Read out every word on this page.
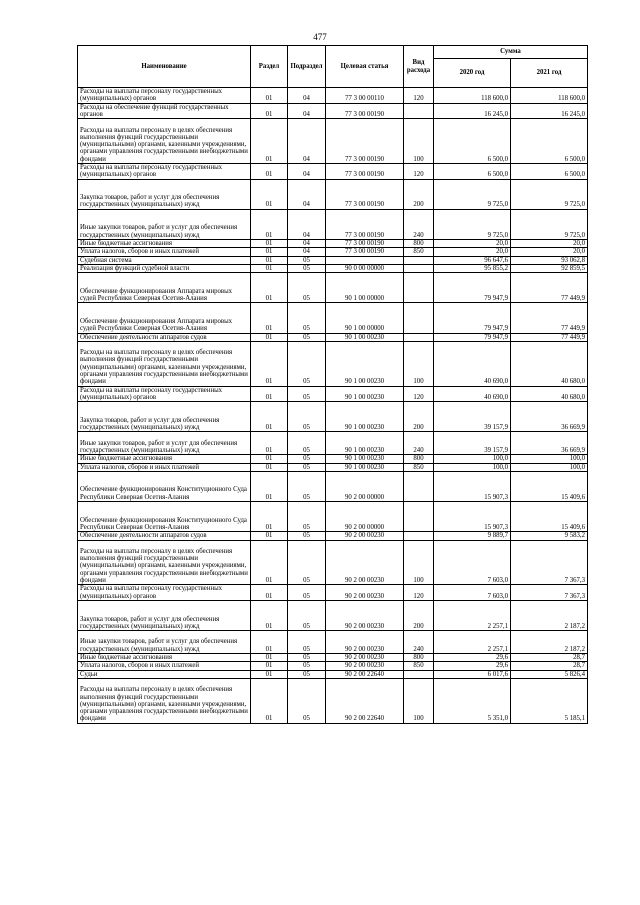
477
Наименование	Раздел	Подраздел	Целевая статья	Вид расхода	Сумма	
					2020 год	2021 год
Расходы на выплаты персоналу государственных (муниципальных) органов	01	04	77 3 00 00110	120	118 600,0	118 600,0
Расходы на обеспечение функций государственных органов	01	04	77 3 00 00190		16 245,0	16 245,0
Расходы на выплаты персоналу в целях обеспечения выполнения функций государственными (муниципальными) органами, казенными учреждениями, органами управления государственными внебюджетными фондами	01	04	77 3 00 00190	100	6 500,0	6 500,0
Расходы на выплаты персоналу государственных (муниципальных) органов	01	04	77 3 00 00190	120	6 500,0	6 500,0
Закупка товаров, работ и услуг для обеспечения государственных (муниципальных) нужд	01	04	77 3 00 00190	200	9 725,0	9 725,0
Иные закупки товаров, работ и услуг для обеспечения государственных (муниципальных) нужд	01	04	77 3 00 00190	240	9 725,0	9 725,0
Иные бюджетные ассигнования	01	04	77 3 00 00190	800	20,0	20,0
Уплата налогов, сборов и иных платежей	01	04	77 3 00 00190	850	20,0	20,0
Судебная система	01	05			96 647,6	93 062,8
Реализация функций судебной власти	01	05	90 0 00 00000		95 855,2	92 859,5
Обеспечение функционирования Аппарата мировых судей Республики Северная Осетия-Алания	01	05	90 1 00 00000		79 947,9	77 449,9
Обеспечение функционирования Аппарата мировых судей Республики Северная Осетия-Алания	01	05	90 1 00 00000		79 947,9	77 449,9
Обеспечение деятельности аппаратов судов	01	05	90 1 00 00230		79 947,9	77 449,9
Расходы на выплаты персоналу в целях обеспечения выполнения функций государственными (муниципальными) органами, казенными учреждениями, органами управления государственными внебюджетными фондами	01	05	90 1 00 00230	100	40 690,0	40 680,0
Расходы на выплаты персоналу государственных (муниципальных) органов	01	05	90 1 00 00230	120	40 690,0	40 680,0
Закупка товаров, работ и услуг для обеспечения государственных (муниципальных) нужд	01	05	90 1 00 00230	200	39 157,9	36 669,9
Иные закупки товаров, работ и услуг для обеспечения государственных (муниципальных) нужд	01	05	90 1 00 00230	240	39 157,9	36 669,9
Иные бюджетные ассигнования	01	05	90 1 00 00230	800	100,0	100,0
Уплата налогов, сборов и иных платежей	01	05	90 1 00 00230	850	100,0	100,0
Обеспечение функционирования Конституционного Суда Республики Северная Осетия-Алания	01	05	90 2 00 00000		15 907,3	15 409,6
Обеспечение функционирования Конституционного Суда Республики Северная Осетия-Алания	01	05	90 2 00 00000		15 907,3	15 409,6
Обеспечение деятельности аппаратов судов	01	05	90 2 00 00230		9 889,7	9 583,2
Расходы на выплаты персоналу в целях обеспечения выполнения функций государственными (муниципальными) органами, казенными учреждениями, органами управления государственными внебюджетными фондами	01	05	90 2 00 00230	100	7 603,0	7 367,3
Расходы на выплаты персоналу государственных (муниципальных) органов	01	05	90 2 00 00230	120	7 603,0	7 367,3
Закупка товаров, работ и услуг для обеспечения государственных (муниципальных) нужд	01	05	90 2 00 00230	200	2 257,1	2 187,2
Иные закупки товаров, работ и услуг для обеспечения государственных (муниципальных) нужд	01	05	90 2 00 00230	240	2 257,1	2 187,2
Иные бюджетные ассигнования	01	05	90 2 00 00230	800	29,6	28,7
Уплата налогов, сборов и иных платежей	01	05	90 2 00 00230	850	29,6	28,7
Судьи	01	05	90 2 00 22640		6 017,6	5 826,4
Расходы на выплаты персоналу в целях обеспечения выполнения функций государственными (муниципальными) органами, казенными учреждениями, органами управления государственными внебюджетными фондами	01	05	90 2 00 22640	100	5 351,0	5 185,1
